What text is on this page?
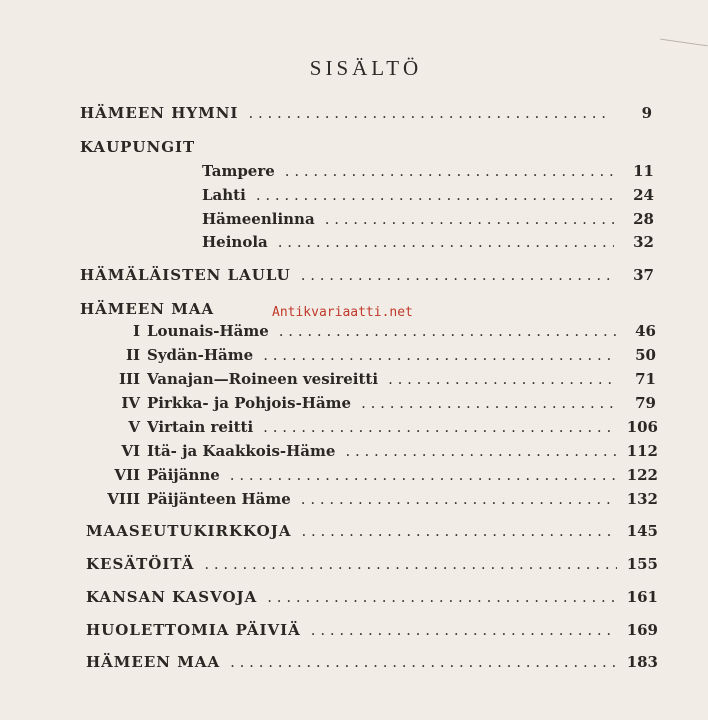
SISÄLTÖ
HÄMEEN HYMNI . . .	9
KAUPUNGIT
Tampere . . .	11
Lahti . . .	24
Hämeenlinna . . .	28
Heinola . . .	32
HÄMÄLÄISTEN LAULU . . .	37
HÄMEEN MAA	Antikvariaatti.net
I Lounais-Häme . . .	46
II Sydän-Häme . . .	50
III Vanajan—Roineen vesireitti . . .	71
IV Pirkka- ja Pohjois-Häme . . .	79
V Virtain reitti . . .	106
VI Itä- ja Kaakkois-Häme . . .	112
VII Päijänne . . .	122
VIII Päijänteen Häme . . .	132
MAASEUTUKIRKKOJA . . .	145
KESÄTÖITÄ . . .	155
KANSAN KASVOJA . . .	161
HUOLETTOMIA PÄIVIÄ . . .	169
HÄMEEN MAA . . .	183
